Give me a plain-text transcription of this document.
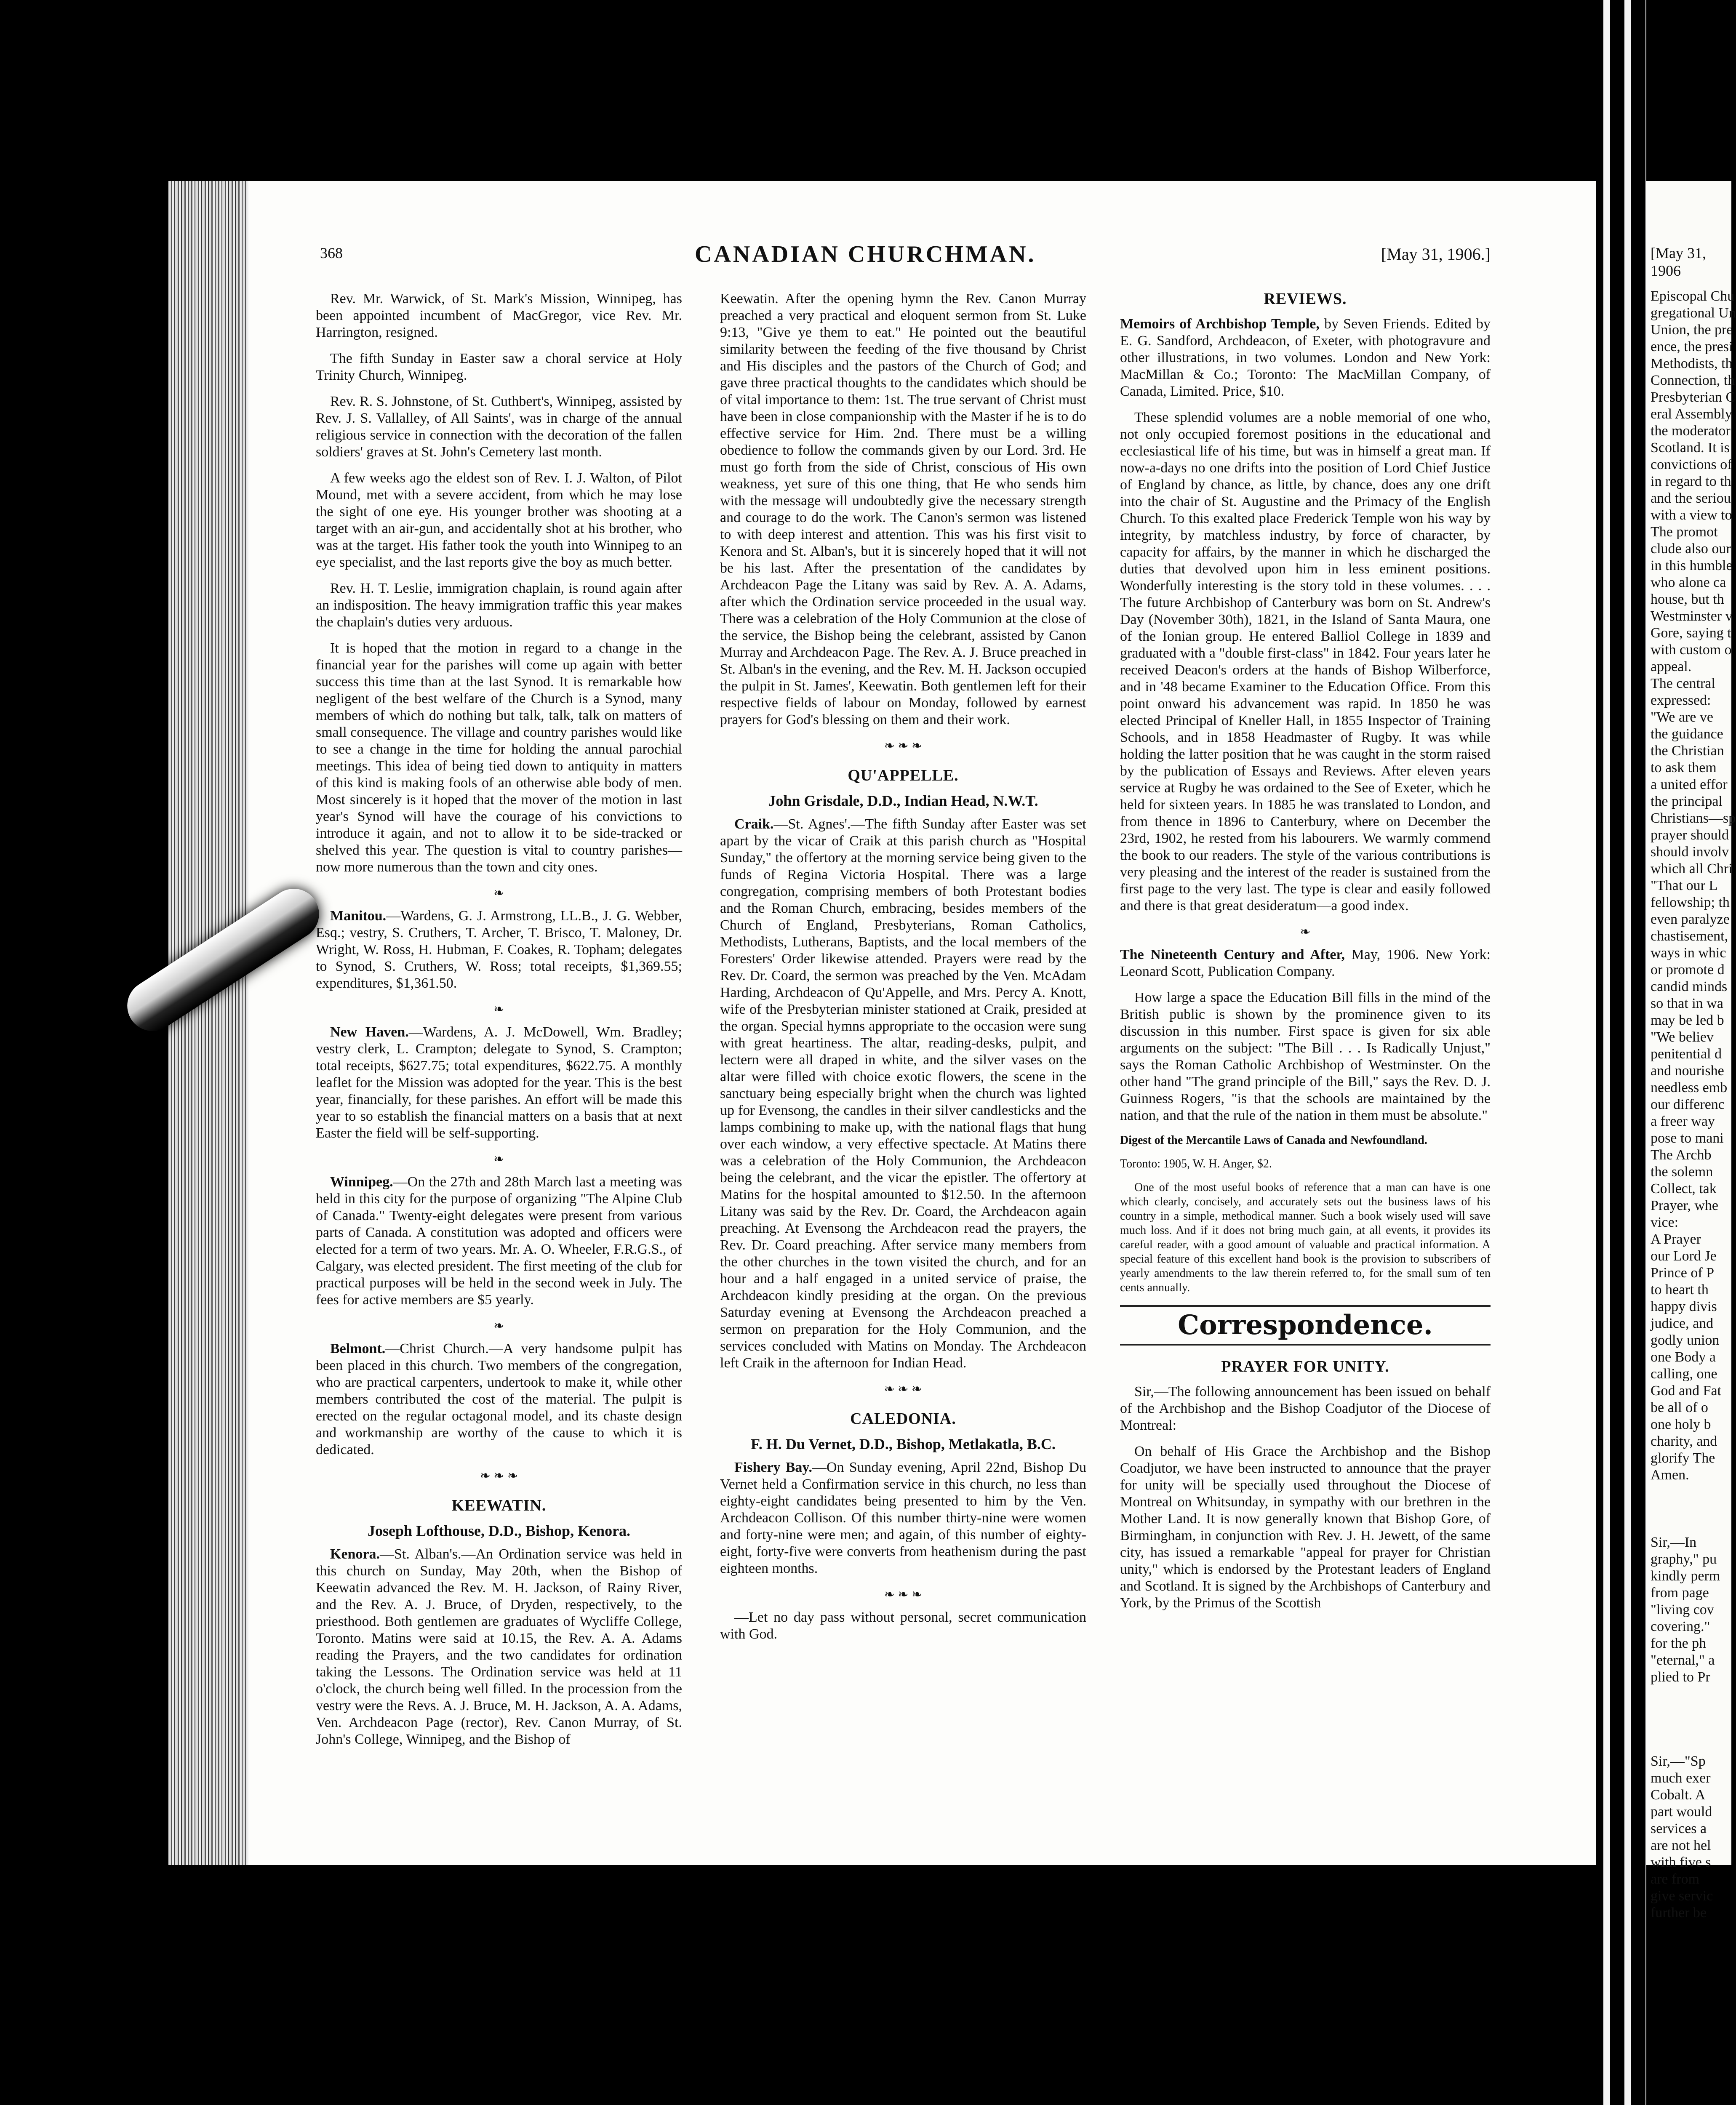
368	CANADIAN CHURCHMAN.	[May 31, 1906.]

Rev. Mr. Warwick, of St. Mark's Mission, Winnipeg, has been appointed incumbent of MacGregor, vice Rev. Mr. Harrington, resigned.

The fifth Sunday in Easter saw a choral service at Holy Trinity Church, Winnipeg.

Rev. R. S. Johnstone, of St. Cuthbert's, Winnipeg, assisted by Rev. J. S. Vallalley, of All Saints', was in charge of the annual religious service in connection with the decoration of the fallen soldiers' graves at St. John's Cemetery last month.

A few weeks ago the eldest son of Rev. I. J. Walton, of Pilot Mound, met with a severe accident, from which he may lose the sight of one eye. His younger brother was shooting at a target with an air-gun, and accidentally shot at his brother, who was at the target. His father took the youth into Winnipeg to an eye specialist, and the last reports give the boy as much better.

Rev. H. T. Leslie, immigration chaplain, is round again after an indisposition. The heavy immigration traffic this year makes the chaplain's duties very arduous.

It is hoped that the motion in regard to a change in the financial year for the parishes will come up again with better success this time than at the last Synod. It is remarkable how negligent of the best welfare of the Church is a Synod, many members of which do nothing but talk, talk, talk on matters of small consequence. The village and country parishes would like to see a change in the time for holding the annual parochial meetings. This idea of being tied down to antiquity in matters of this kind is making fools of an otherwise able body of men. Most sincerely is it hoped that the mover of the motion in last year's Synod will have the courage of his convictions to introduce it again, and not to allow it to be side-tracked or shelved this year. The question is vital to country parishes—now more numerous than the town and city ones.

❧

Manitou.—Wardens, G. J. Armstrong, LL.B., J. G. Webber, Esq.; vestry, S. Cruthers, T. Archer, T. Brisco, T. Maloney, Dr. Wright, W. Ross, H. Hubman, F. Coakes, R. Topham; delegates to Synod, S. Cruthers, W. Ross; total receipts, $1,369.55; expenditures, $1,361.50.

❧

New Haven.—Wardens, A. J. McDowell, Wm. Bradley; vestry clerk, L. Crampton; delegate to Synod, S. Crampton; total receipts, $627.75; total expenditures, $622.75. A monthly leaflet for the Mission was adopted for the year. This is the best year, financially, for these parishes. An effort will be made this year to so establish the financial matters on a basis that at next Easter the field will be self-supporting.

❧

Winnipeg.—On the 27th and 28th March last a meeting was held in this city for the purpose of organizing "The Alpine Club of Canada." Twenty-eight delegates were present from various parts of Canada. A constitution was adopted and officers were elected for a term of two years. Mr. A. O. Wheeler, F.R.G.S., of Calgary, was elected president. The first meeting of the club for practical purposes will be held in the second week in July. The fees for active members are $5 yearly.

❧

Belmont.—Christ Church.—A very handsome pulpit has been placed in this church. Two members of the congregation, who are practical carpenters, undertook to make it, while other members contributed the cost of the material. The pulpit is erected on the regular octagonal model, and its chaste design and workmanship are worthy of the cause to which it is dedicated.

❧ ❧ ❧
KEEWATIN.
Joseph Lofthouse, D.D., Bishop, Kenora.

Kenora.—St. Alban's.—An Ordination service was held in this church on Sunday, May 20th, when the Bishop of Keewatin advanced the Rev. M. H. Jackson, of Rainy River, and the Rev. A. J. Bruce, of Dryden, respectively, to the priesthood. Both gentlemen are graduates of Wycliffe College, Toronto. Matins were said at 10.15, the Rev. A. A. Adams reading the Prayers, and the two candidates for ordination taking the Lessons. The Ordination service was held at 11 o'clock, the church being well filled. In the procession from the vestry were the Revs. A. J. Bruce, M. H. Jackson, A. A. Adams, Ven. Archdeacon Page (rector), Rev. Canon Murray, of St. John's College, Winnipeg, and the Bishop of

Keewatin. After the opening hymn the Rev. Canon Murray preached a very practical and eloquent sermon from St. Luke 9:13, "Give ye them to eat." He pointed out the beautiful similarity between the feeding of the five thousand by Christ and His disciples and the pastors of the Church of God; and gave three practical thoughts to the candidates which should be of vital importance to them: 1st. The true servant of Christ must have been in close companionship with the Master if he is to do effective service for Him. 2nd. There must be a willing obedience to follow the commands given by our Lord. 3rd. He must go forth from the side of Christ, conscious of His own weakness, yet sure of this one thing, that He who sends him with the message will undoubtedly give the necessary strength and courage to do the work. The Canon's sermon was listened to with deep interest and attention. This was his first visit to Kenora and St. Alban's, but it is sincerely hoped that it will not be his last. After the presentation of the candidates by Archdeacon Page the Litany was said by Rev. A. A. Adams, after which the Ordination service proceeded in the usual way. There was a celebration of the Holy Communion at the close of the service, the Bishop being the celebrant, assisted by Canon Murray and Archdeacon Page. The Rev. A. J. Bruce preached in St. Alban's in the evening, and the Rev. M. H. Jackson occupied the pulpit in St. James', Keewatin. Both gentlemen left for their respective fields of labour on Monday, followed by earnest prayers for God's blessing on them and their work.

❧ ❧ ❧
QU'APPELLE.
John Grisdale, D.D., Indian Head, N.W.T.

Craik.—St. Agnes'.—The fifth Sunday after Easter was set apart by the vicar of Craik at this parish church as "Hospital Sunday," the offertory at the morning service being given to the funds of Regina Victoria Hospital. There was a large congregation, comprising members of both Protestant bodies and the Roman Church, embracing, besides members of the Church of England, Presbyterians, Roman Catholics, Methodists, Lutherans, Baptists, and the local members of the Foresters' Order likewise attended. Prayers were read by the Rev. Dr. Coard, the sermon was preached by the Ven. McAdam Harding, Archdeacon of Qu'Appelle, and Mrs. Percy A. Knott, wife of the Presbyterian minister stationed at Craik, presided at the organ. Special hymns appropriate to the occasion were sung with great heartiness. The altar, reading-desks, pulpit, and lectern were all draped in white, and the silver vases on the altar were filled with choice exotic flowers, the scene in the sanctuary being especially bright when the church was lighted up for Evensong, the candles in their silver candlesticks and the lamps combining to make up, with the national flags that hung over each window, a very effective spectacle. At Matins there was a celebration of the Holy Communion, the Archdeacon being the celebrant, and the vicar the epistler. The offertory at Matins for the hospital amounted to $12.50. In the afternoon Litany was said by the Rev. Dr. Coard, the Archdeacon again preaching. At Evensong the Archdeacon read the prayers, the Rev. Dr. Coard preaching. After service many members from the other churches in the town visited the church, and for an hour and a half engaged in a united service of praise, the Archdeacon kindly presiding at the organ. On the previous Saturday evening at Evensong the Archdeacon preached a sermon on preparation for the Holy Communion, and the services concluded with Matins on Monday. The Archdeacon left Craik in the afternoon for Indian Head.

❧ ❧ ❧
CALEDONIA.
F. H. Du Vernet, D.D., Bishop, Metlakatla, B.C.

Fishery Bay.—On Sunday evening, April 22nd, Bishop Du Vernet held a Confirmation service in this church, no less than eighty-eight candidates being presented to him by the Ven. Archdeacon Collison. Of this number thirty-nine were women and forty-nine were men; and again, of this number of eighty-eight, forty-five were converts from heathenism during the past eighteen months.

❧ ❧ ❧

—Let no day pass without personal, secret communication with God.

REVIEWS.

Memoirs of Archbishop Temple, by Seven Friends. Edited by E. G. Sandford, Archdeacon, of Exeter, with photogravure and other illustrations, in two volumes. London and New York: MacMillan & Co.; Toronto: The MacMillan Company, of Canada, Limited. Price, $10.

These splendid volumes are a noble memorial of one who, not only occupied foremost positions in the educational and ecclesiastical life of his time, but was in himself a great man. If now-a-days no one drifts into the position of Lord Chief Justice of England by chance, as little, by chance, does any one drift into the chair of St. Augustine and the Primacy of the English Church. To this exalted place Frederick Temple won his way by integrity, by matchless industry, by force of character, by capacity for affairs, by the manner in which he discharged the duties that devolved upon him in less eminent positions. Wonderfully interesting is the story told in these volumes. . . . The future Archbishop of Canterbury was born on St. Andrew's Day (November 30th), 1821, in the Island of Santa Maura, one of the Ionian group. He entered Balliol College in 1839 and graduated with a "double first-class" in 1842. Four years later he received Deacon's orders at the hands of Bishop Wilberforce, and in '48 became Examiner to the Education Office. From this point onward his advancement was rapid. In 1850 he was elected Principal of Kneller Hall, in 1855 Inspector of Training Schools, and in 1858 Headmaster of Rugby. It was while holding the latter position that he was caught in the storm raised by the publication of Essays and Reviews. After eleven years service at Rugby he was ordained to the See of Exeter, which he held for sixteen years. In 1885 he was translated to London, and from thence in 1896 to Canterbury, where on December the 23rd, 1902, he rested from his labourers. We warmly commend the book to our readers. The style of the various contributions is very pleasing and the interest of the reader is sustained from the first page to the very last. The type is clear and easily followed and there is that great desideratum—a good index.

❧

The Nineteenth Century and After, May, 1906. New York: Leonard Scott, Publication Company.

How large a space the Education Bill fills in the mind of the British public is shown by the prominence given to its discussion in this number. First space is given for six able arguments on the subject: "The Bill . . . Is Radically Unjust," says the Roman Catholic Archbishop of Westminster. On the other hand "The grand principle of the Bill," says the Rev. D. J. Guinness Rogers, "is that the schools are maintained by the nation, and that the rule of the nation in them must be absolute."

Digest of the Mercantile Laws of Canada and Newfoundland.

Toronto: 1905, W. H. Anger, $2.

One of the most useful books of reference that a man can have is one which clearly, concisely, and accurately sets out the business laws of his country in a simple, methodical manner. Such a book wisely used will save much loss. And if it does not bring much gain, at all events, it provides its careful reader, with a good amount of valuable and practical information. A special feature of this excellent hand book is the provision to subscribers of yearly amendments to the law therein referred to, for the small sum of ten cents annually.

Correspondence.
PRAYER FOR UNITY.

Sir,—The following announcement has been issued on behalf of the Archbishop and the Bishop Coadjutor of the Diocese of Montreal:

On behalf of His Grace the Archbishop and the Bishop Coadjutor, we have been instructed to announce that the prayer for unity will be specially used throughout the Diocese of Montreal on Whitsunday, in sympathy with our brethren in the Mother Land. It is now generally known that Bishop Gore, of Birmingham, in conjunction with Rev. J. H. Jewett, of the same city, has issued a remarkable "appeal for prayer for Christian unity," which is endorsed by the Protestant leaders of England and Scotland. It is signed by the Archbishops of Canterbury and York, by the Primus of the Scottish

[May 31, 1906
Episcopal Chu
gregational Un
Union, the pre
ence, the presi
Methodists, th
Connection, th
Presbyterian C
eral Assembly
the moderator
Scotland. It is
convictions of
in regard to th
and the seriou
with a view to
The promot
clude also our
in this humble
who alone ca
house, but th
Westminster v
Gore, saying t
with custom o
appeal.
The central
expressed:
"We are ve
the guidance
the Christian
to ask them
a united effor
the principal
Christians—sp
prayer should
should involv
which all Chri
"That our L
fellowship; th
even paralyze
chastisement,
ways in whic
or promote d
candid minds
so that in wa
may be led b
"We believ
penitential d
and nourishe
needless emb
our differenc
a freer way
pose to mani
The Archb
the solemn
Collect, tak
Prayer, whe
vice:
A Prayer
our Lord Je
Prince of P
to heart th
happy divis
judice, and
godly union
one Body a
calling, one
God and Fat
be all of o
one holy b
charity, and
glorify The
Amen.
Sir,—In
graphy," pu
kindly perm
from page
"living cov
covering."
for the ph
"eternal," a
plied to Pr
Sir,—"Sp
much exer
Cobalt. A
part would
services a
are not hel
with five s
are from
give servic
further be
